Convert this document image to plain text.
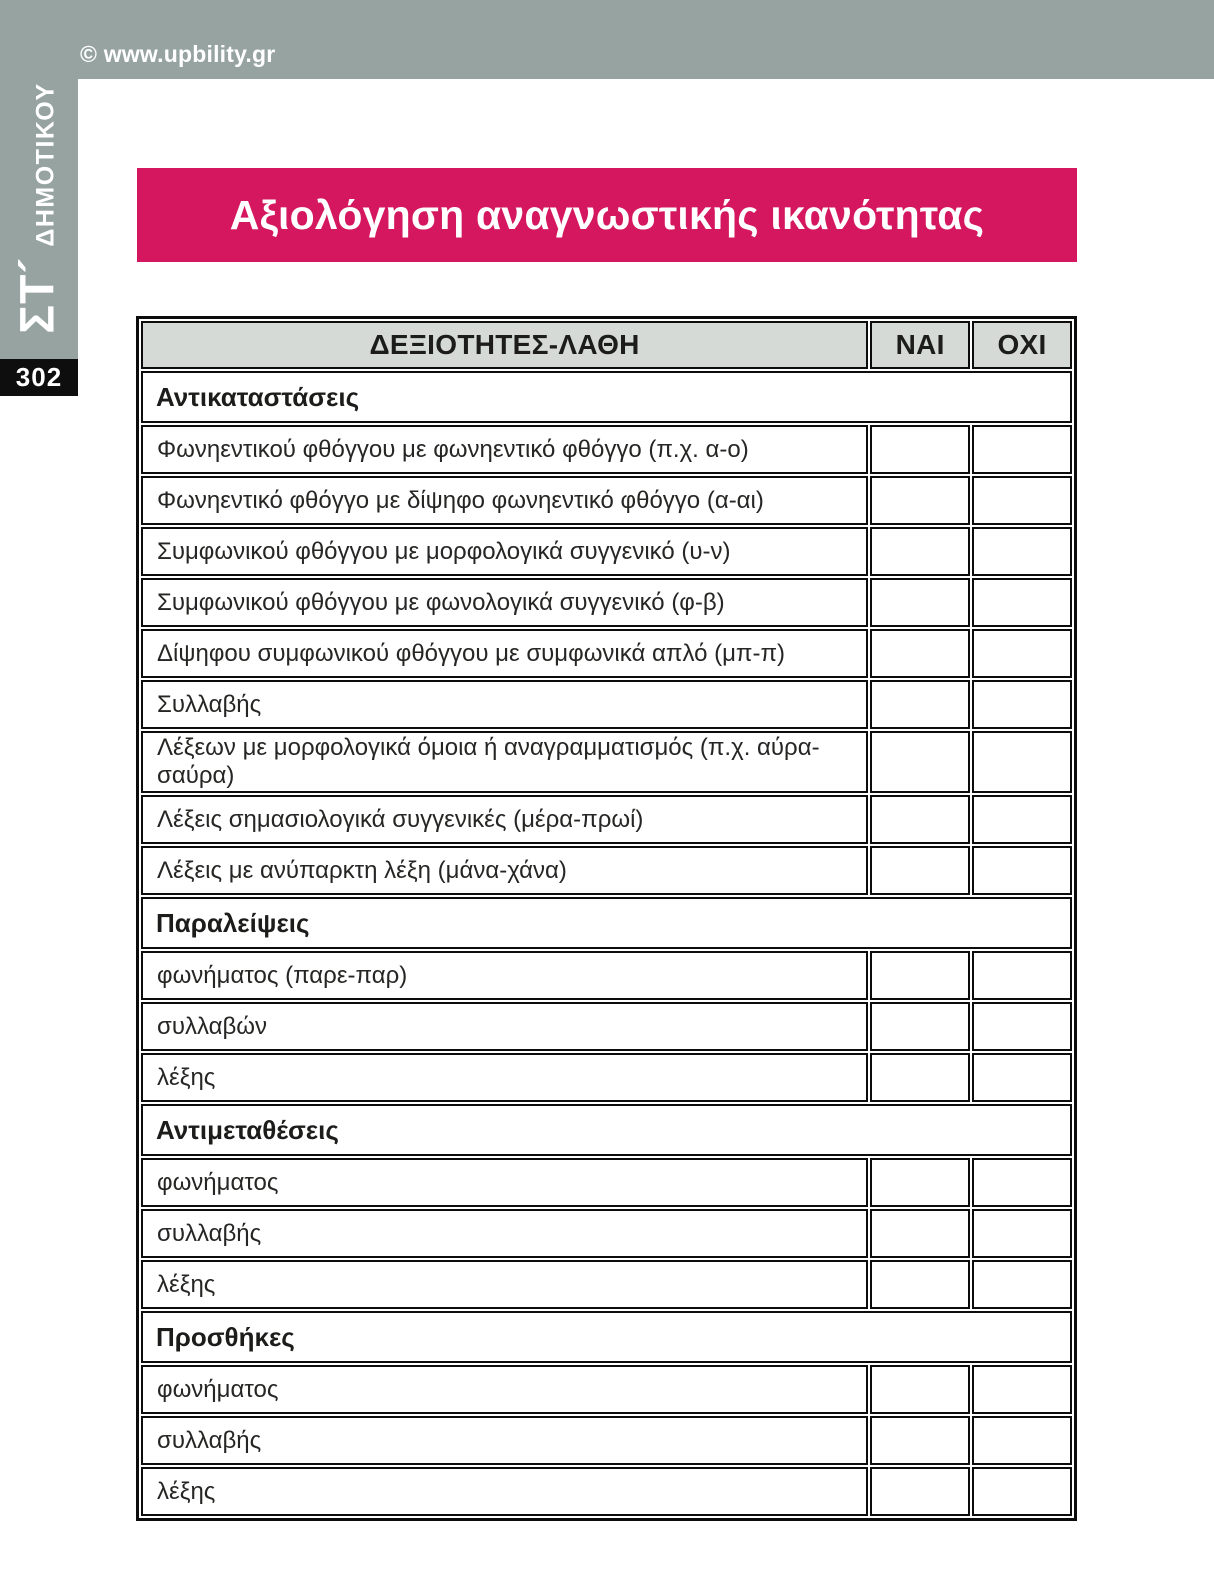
© www.upbility.gr
ΣΤ´ΔΗΜΟΤΙΚΟΥ
302
Αξιολόγηση αναγνωστικής ικανότητας
ΔΕΞΙΟΤΗΤΕΣ-ΛΑΘΗ	ΝΑΙ	ΟΧΙ
Αντικαταστάσεις		
Φωνηεντικού φθόγγου με φωνηεντικό φθόγγο (π.χ. α-ο)		
Φωνηεντικό φθόγγο με δίψηφο φωνηεντικό φθόγγο (α-αι)		
Συμφωνικού φθόγγου με μορφολογικά συγγενικό (υ-ν)		
Συμφωνικού φθόγγου με φωνολογικά συγγενικό (φ-β)		
Δίψηφου συμφωνικού φθόγγου με συμφωνικά απλό (μπ-π)		
Συλλαβής		
Λέξεων με μορφολογικά όμοια ή αναγραμματισμός (π.χ. αύρα-σαύρα)		
Λέξεις σημασιολογικά συγγενικές (μέρα-πρωί)		
Λέξεις με ανύπαρκτη λέξη (μάνα-χάνα)		
Παραλείψεις		
φωνήματος (παρε-παρ)		
συλλαβών		
λέξης		
Αντιμεταθέσεις		
φωνήματος		
συλλαβής		
λέξης		
Προσθήκες		
φωνήματος		
συλλαβής		
λέξης		
